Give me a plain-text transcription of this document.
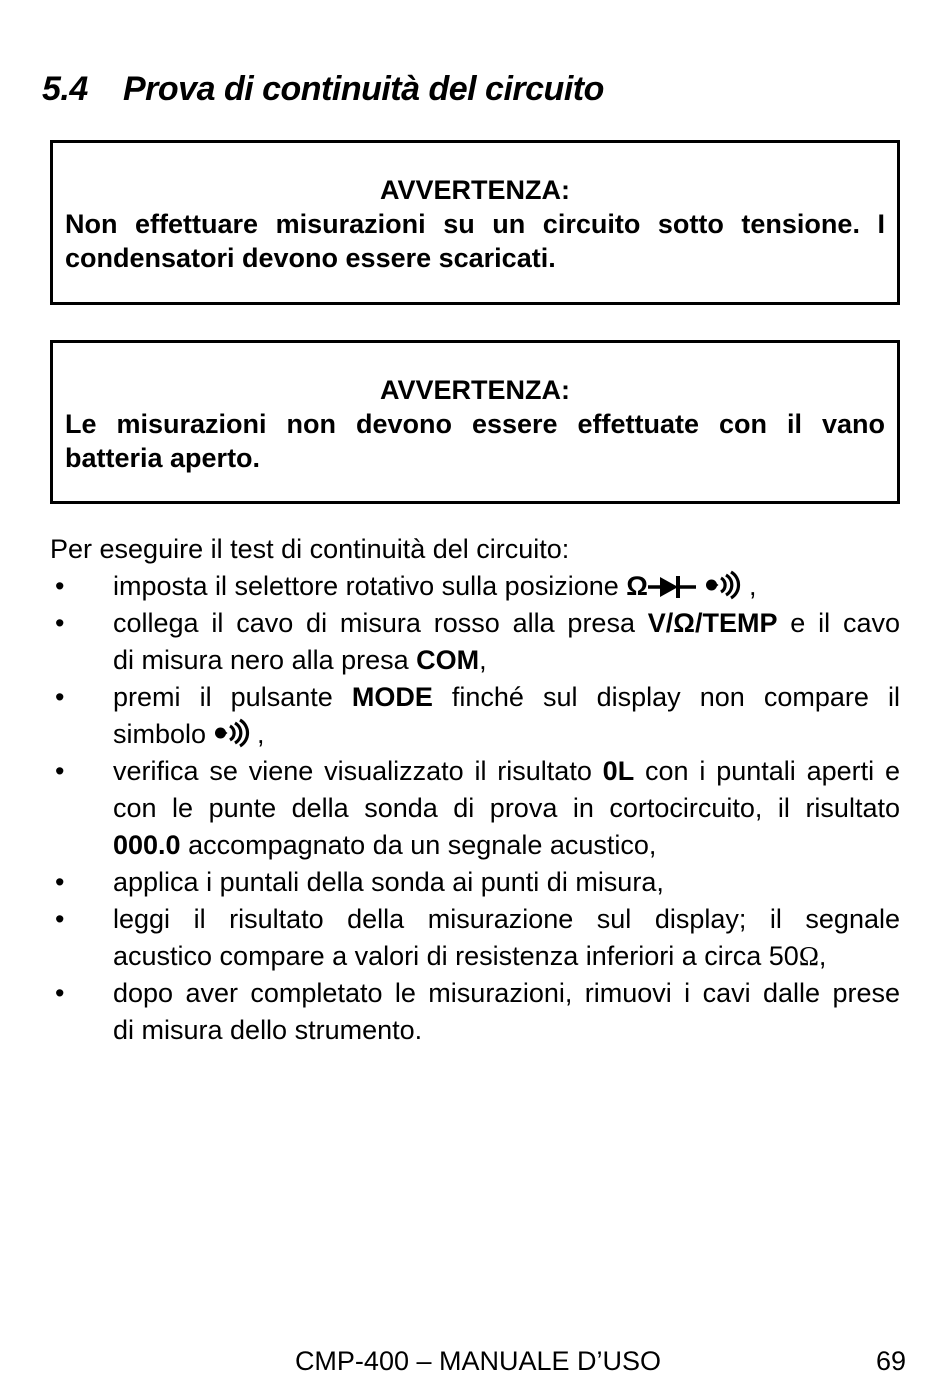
5.4	Prova di continuità del circuito
AVVERTENZA:
Non effettuare misurazioni su un circuito sotto tensione. I
condensatori devono essere scaricati.
AVVERTENZA:
Le misurazioni non devono essere effettuate con il vano
batteria aperto.

Per eseguire il test di continuità del circuito:

• imposta il selettore rotativo sulla posizione Ω	,
• collega il cavo di misura rosso alla presa V/Ω/TEMP e il cavo
di misura nero alla presa COM,
• premi il pulsante MODE finché sul display non compare il
simbolo  ,
• verifica se viene visualizzato il risultato 0L con i puntali aperti e
con le punte della sonda di prova in cortocircuito, il risultato
000.0 accompagnato da un segnale acustico,
• applica i puntali della sonda ai punti di misura,
• leggi il risultato della misurazione sul display; il segnale
acustico compare a valori di resistenza inferiori a circa 50Ω,
• dopo aver completato le misurazioni, rimuovi i cavi dalle prese
di misura dello strumento.
CMP-400 – MANUALE D’USO	69
